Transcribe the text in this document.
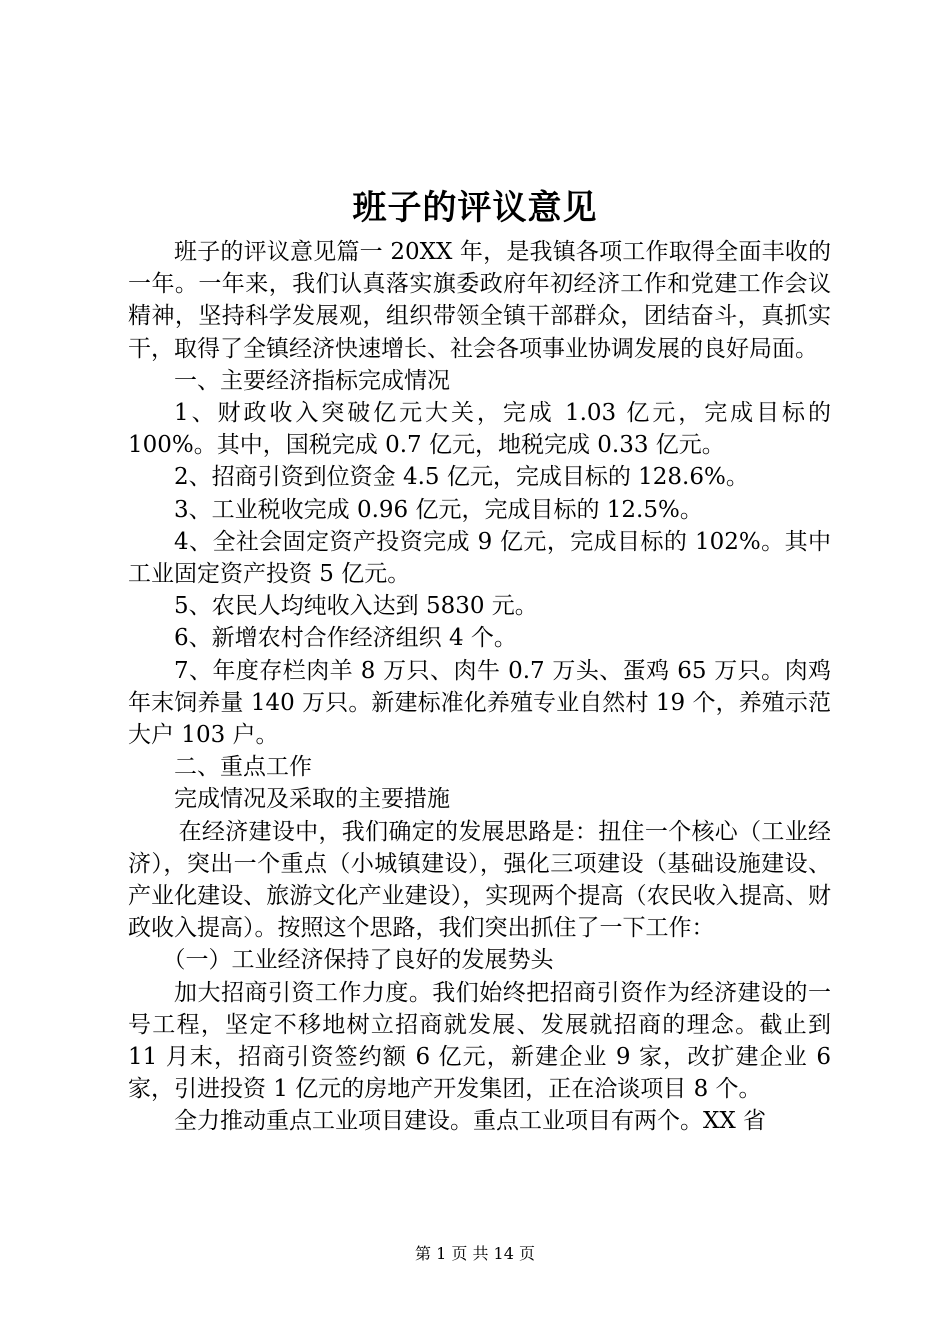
班子的评议意见

班子的评议意见篇一 20XX 年，是我镇各项工作取得全面丰收的一年。一年来，我们认真落实旗委政府年初经济工作和党建工作会议精神，坚持科学发展观，组织带领全镇干部群众，团结奋斗，真抓实干，取得了全镇经济快速增长、社会各项事业协调发展的良好局面。

一、主要经济指标完成情况

1、财政收入突破亿元大关，完成 1.03 亿元，完成目标的 100%。其中，国税完成 0.7 亿元，地税完成 0.33 亿元。

2、招商引资到位资金 4.5 亿元，完成目标的 128.6%。

3、工业税收完成 0.96 亿元，完成目标的 12.5%。

4、全社会固定资产投资完成 9 亿元，完成目标的 102%。其中工业固定资产投资 5 亿元。

5、农民人均纯收入达到 5830 元。

6、新增农村合作经济组织 4 个。

7、年度存栏肉羊 8 万只、肉牛 0.7 万头、蛋鸡 65 万只。肉鸡年末饲养量 140 万只。新建标准化养殖专业自然村 19 个，养殖示范大户 103 户。

二、重点工作

完成情况及采取的主要措施

在经济建设中，我们确定的发展思路是：扭住一个核心（工业经济），突出一个重点（小城镇建设），强化三项建设（基础设施建设、产业化建设、旅游文化产业建设），实现两个提高（农民收入提高、财政收入提高）。按照这个思路，我们突出抓住了一下工作：

（一）工业经济保持了良好的发展势头

加大招商引资工作力度。我们始终把招商引资作为经济建设的一号工程，坚定不移地树立招商就发展、发展就招商的理念。截止到 11 月末，招商引资签约额 6 亿元，新建企业 9 家，改扩建企业 6 家，引进投资 1 亿元的房地产开发集团，正在洽谈项目 8 个。

全力推动重点工业项目建设。重点工业项目有两个。XX 省

第 1 页 共 14 页
